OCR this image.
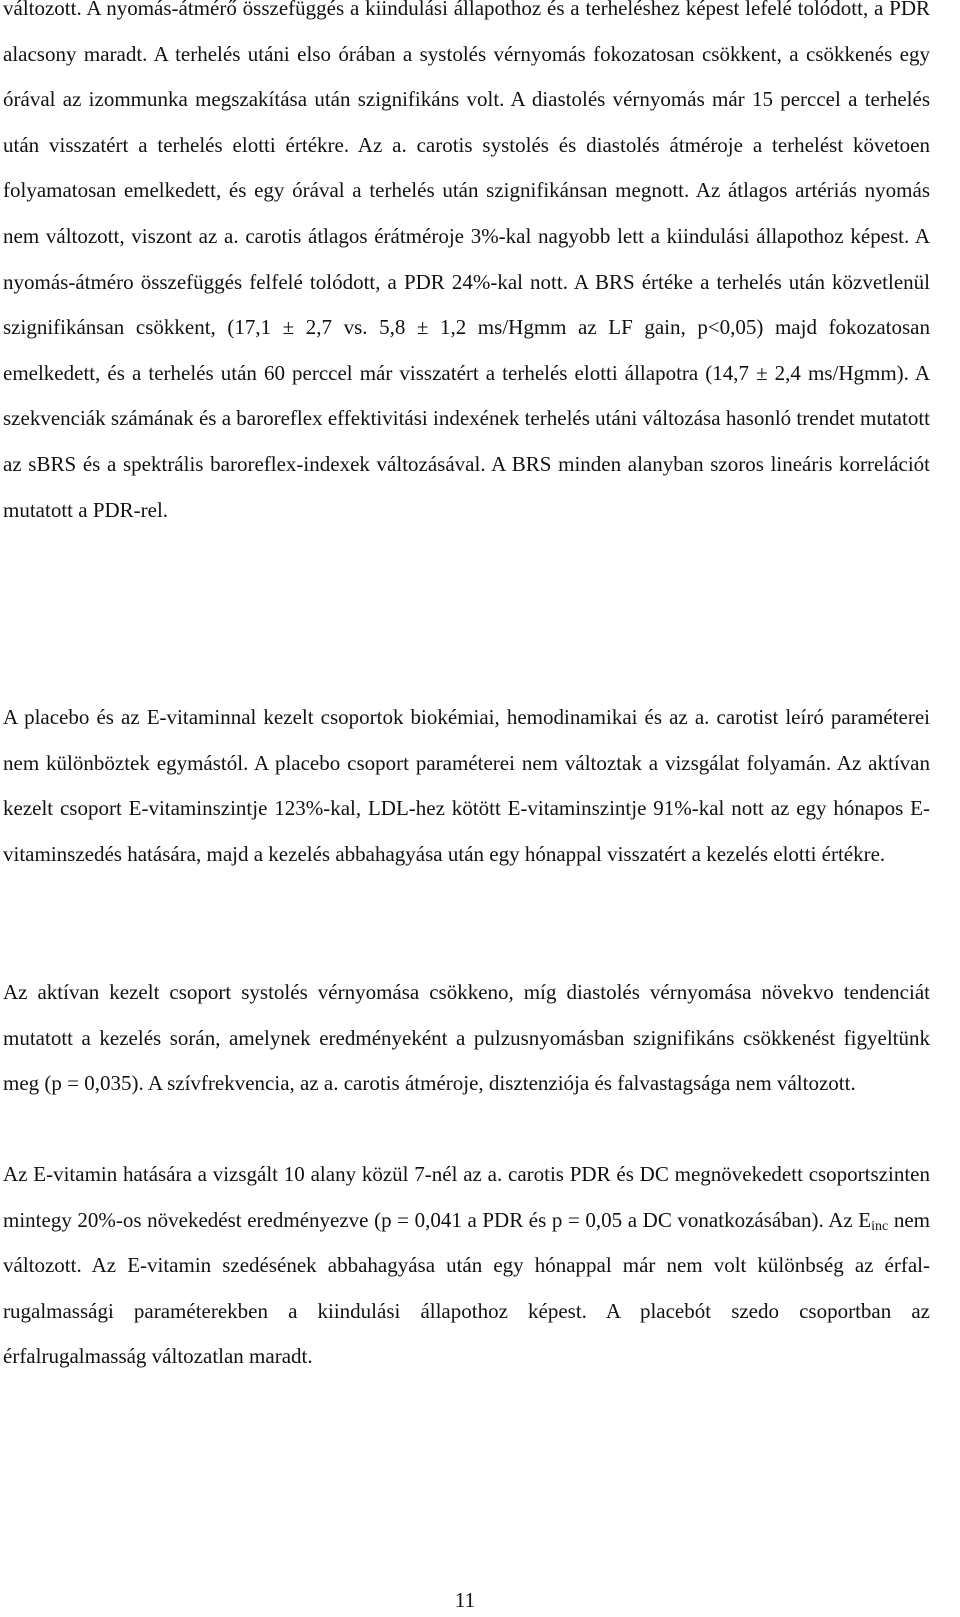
változott. A nyomás-átmérő összefüggés a kiindulási állapothoz és a terheléshez képest lefelé tolódott, a PDR alacsony maradt. A terhelés utáni elso órában a systolés vérnyomás fokozatosan csökkent, a csökkenés egy órával az izommunka megszakítása után szignifikáns volt. A diastolés vérnyomás már 15 perccel a terhelés után visszatért a terhelés elotti értékre. Az a. carotis systolés és diastolés átméroje a terhelést követoen folyamatosan emelkedett, és egy órával a terhelés után szignifikánsan megnott. Az átlagos artériás nyomás nem változott, viszont az a. carotis átlagos érátméroje 3%-kal nagyobb lett a kiindulási állapothoz képest. A nyomás-átméro összefüggés felfelé tolódott, a PDR 24%-kal nott. A BRS értéke a terhelés után közvetlenül szignifikánsan csökkent, (17,1 ± 2,7 vs. 5,8 ± 1,2 ms/Hgmm az LF gain, p<0,05) majd fokozatosan emelkedett, és a terhelés után 60 perccel már visszatért a terhelés elotti állapotra (14,7 ± 2,4 ms/Hgmm). A szekvenciák számának és a baroreflex effektivitási indexének terhelés utáni változása hasonló trendet mutatott az sBRS és a spektrális baroreflex-indexek változásával. A BRS minden alanyban szoros lineáris korrelációt mutatott a PDR-rel.

A placebo és az E-vitaminnal kezelt csoportok biokémiai, hemodinamikai és az a. carotist leíró paraméterei nem különböztek egymástól. A placebo csoport paraméterei nem változtak a vizsgálat folyamán. Az aktívan kezelt csoport E-vitaminszintje 123%-kal, LDL-hez kötött E-vitaminszintje 91%-kal nott az egy hónapos E-vitaminszedés hatására, majd a kezelés abbahagyása után egy hónappal visszatért a kezelés elotti értékre.

Az aktívan kezelt csoport systolés vérnyomása csökkeno, míg diastolés vérnyomása növekvo tendenciát mutatott a kezelés során, amelynek eredményeként a pulzusnyomásban szignifikáns csökkenést figyeltünk meg (p = 0,035). A szívfrekvencia, az a. carotis átméroje, disztenziója és falvastagsága nem változott.

Az E-vitamin hatására a vizsgált 10 alany közül 7-nél az a. carotis PDR és DC megnövekedett csoportszinten mintegy 20%-os növekedést eredményezve (p = 0,041 a PDR és p = 0,05 a DC vonatkozásában). Az $E_{inc}$ nem változott. Az E-vitamin szedésének abbahagyása után egy hónappal már nem volt különbség az érfal-rugalmassági paraméterekben a kiindulási állapothoz képest. A placebót szedo csoportban az érfalrugalmasság változatlan maradt.

11
